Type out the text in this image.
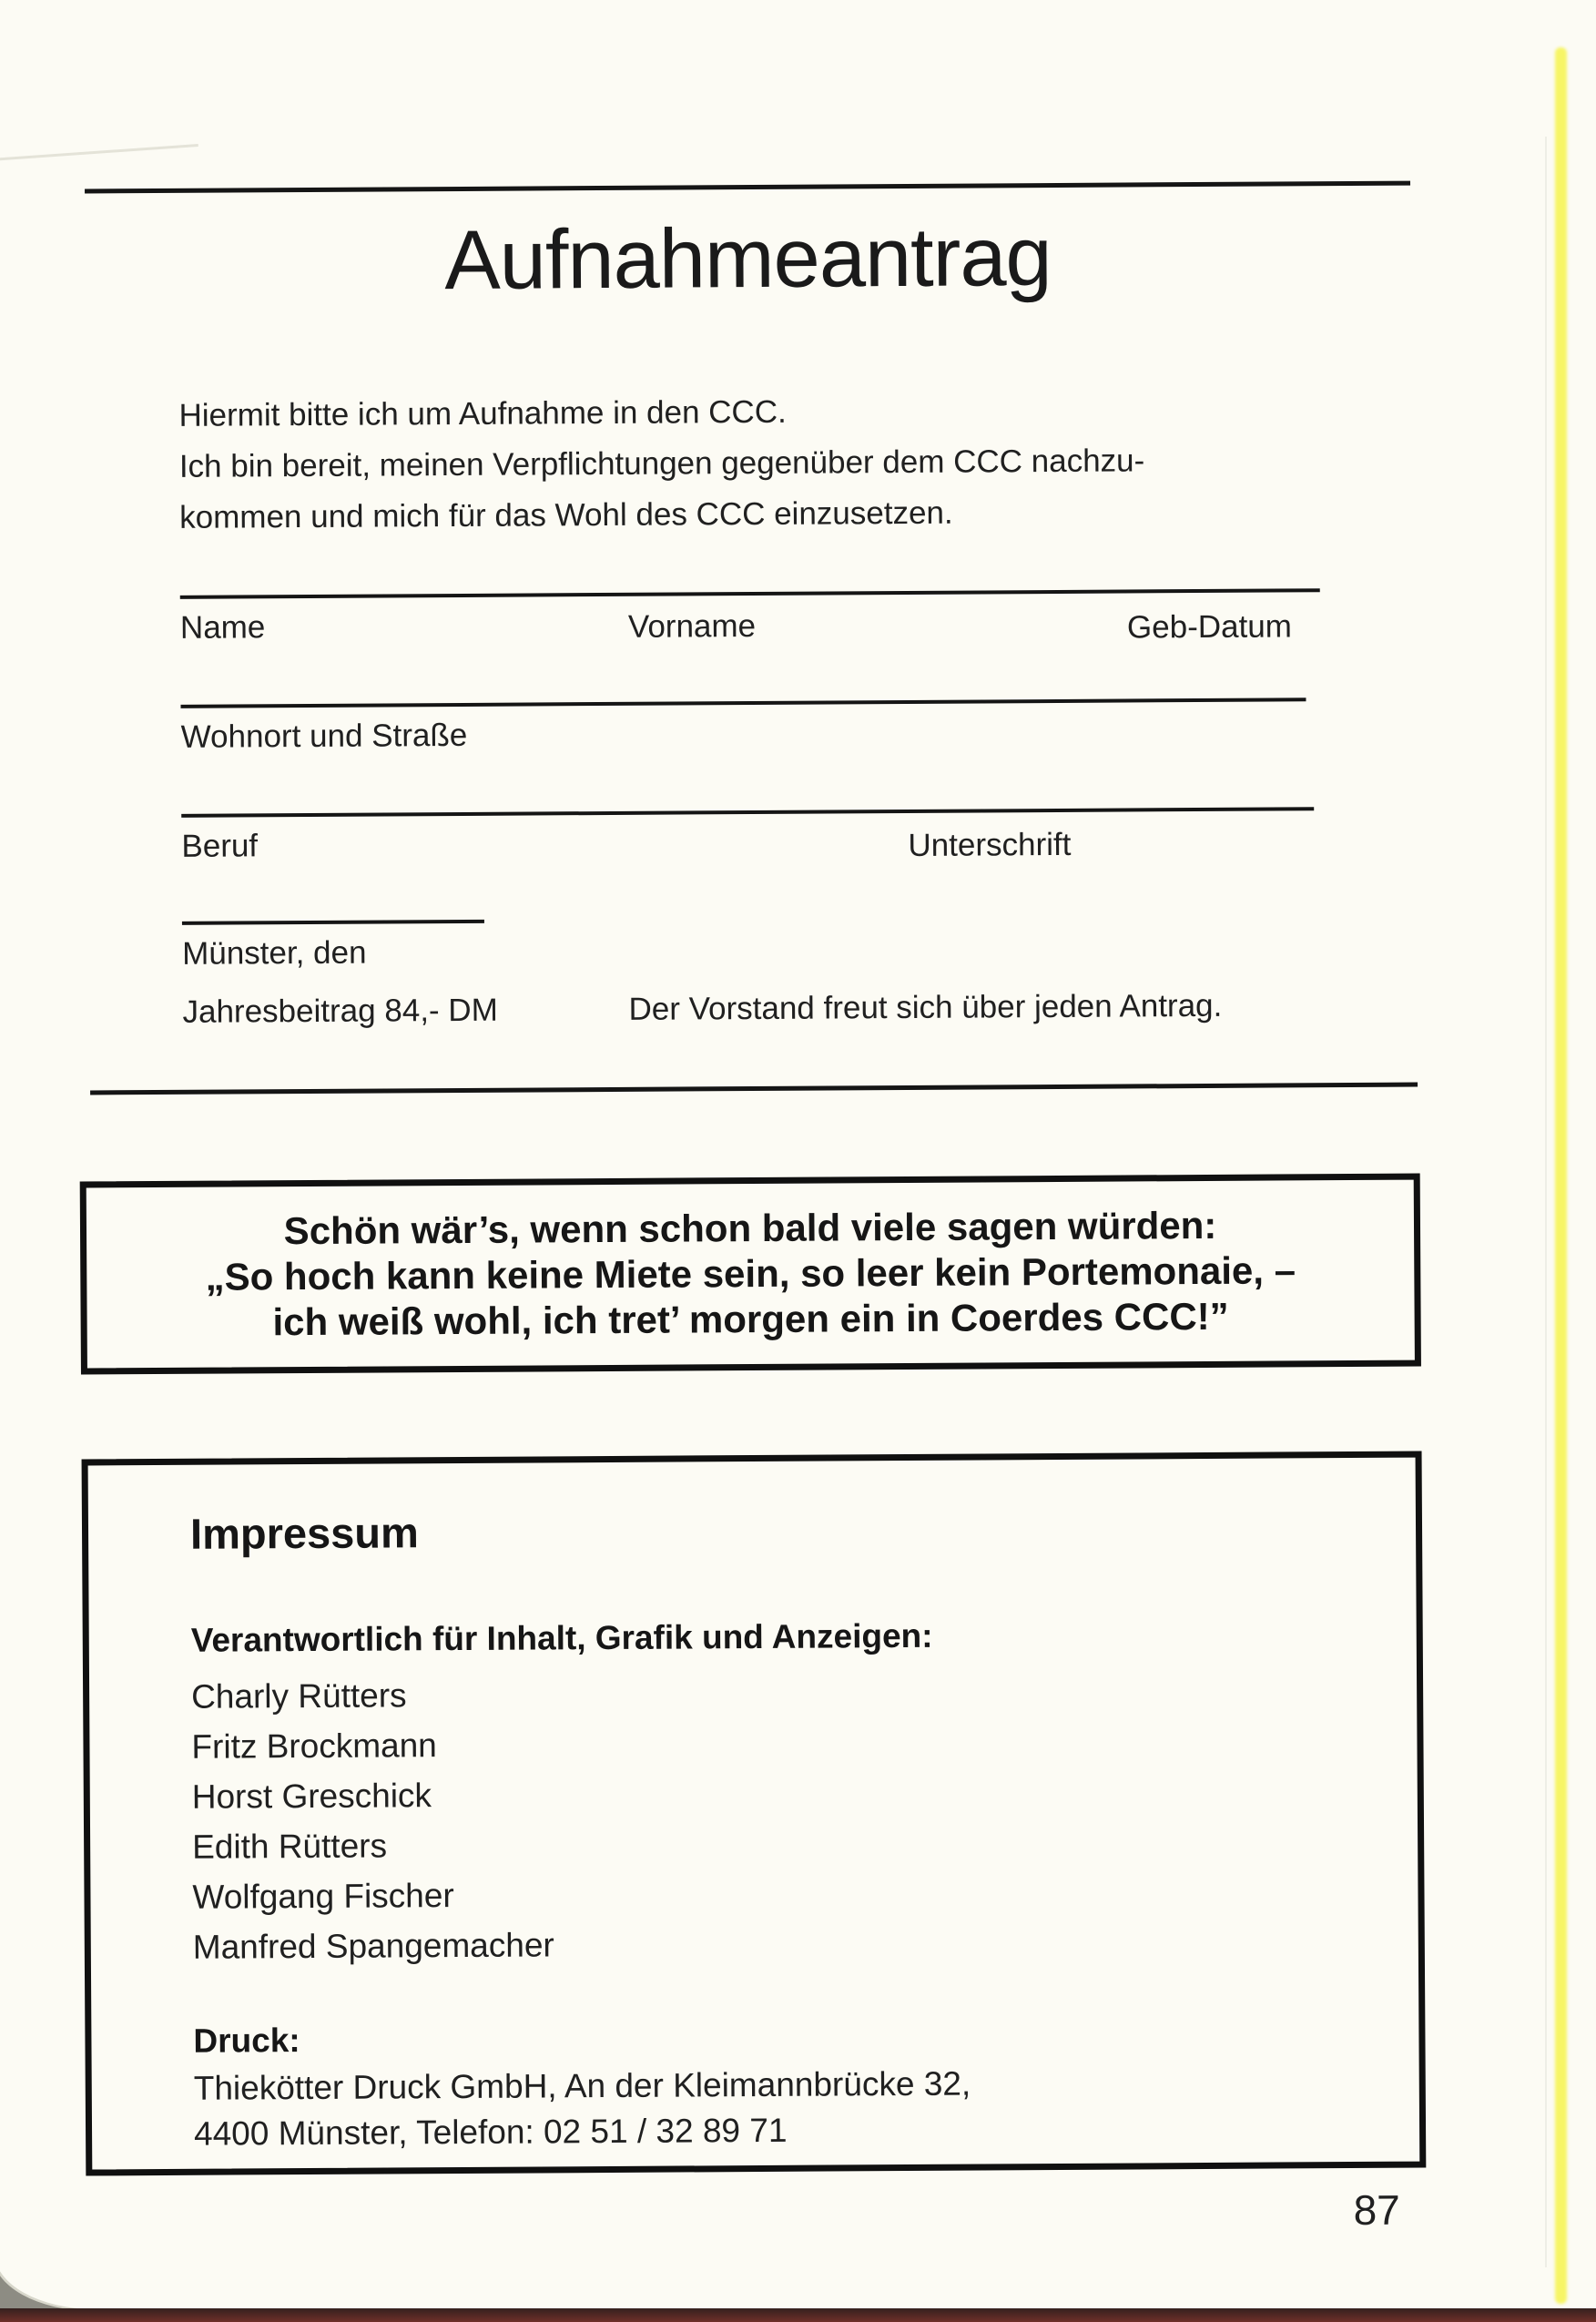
Aufnahmeantrag
Hiermit bitte ich um Aufnahme in den CCC.
Ich bin bereit, meinen Verpflichtungen gegenüber dem CCC nachzu-
kommen und mich für das Wohl des CCC einzusetzen.
Name	Vorname	Geb-Datum
Wohnort und Straße
Beruf	Unterschrift
Münster, den
Jahresbeitrag 84,- DM	Der Vorstand freut sich über jeden Antrag.
Schön wär’s, wenn schon bald viele sagen würden:
„So hoch kann keine Miete sein, so leer kein Portemonaie, –
ich weiß wohl, ich tret’ morgen ein in Coerdes CCC!”
Impressum
Verantwortlich für Inhalt, Grafik und Anzeigen:
Charly Rütters
Fritz Brockmann
Horst Greschick
Edith Rütters
Wolfgang Fischer
Manfred Spangemacher
Druck:
Thiekötter Druck GmbH, An der Kleimannbrücke 32,
4400 Münster, Telefon: 02 51 / 32 89 71
87
